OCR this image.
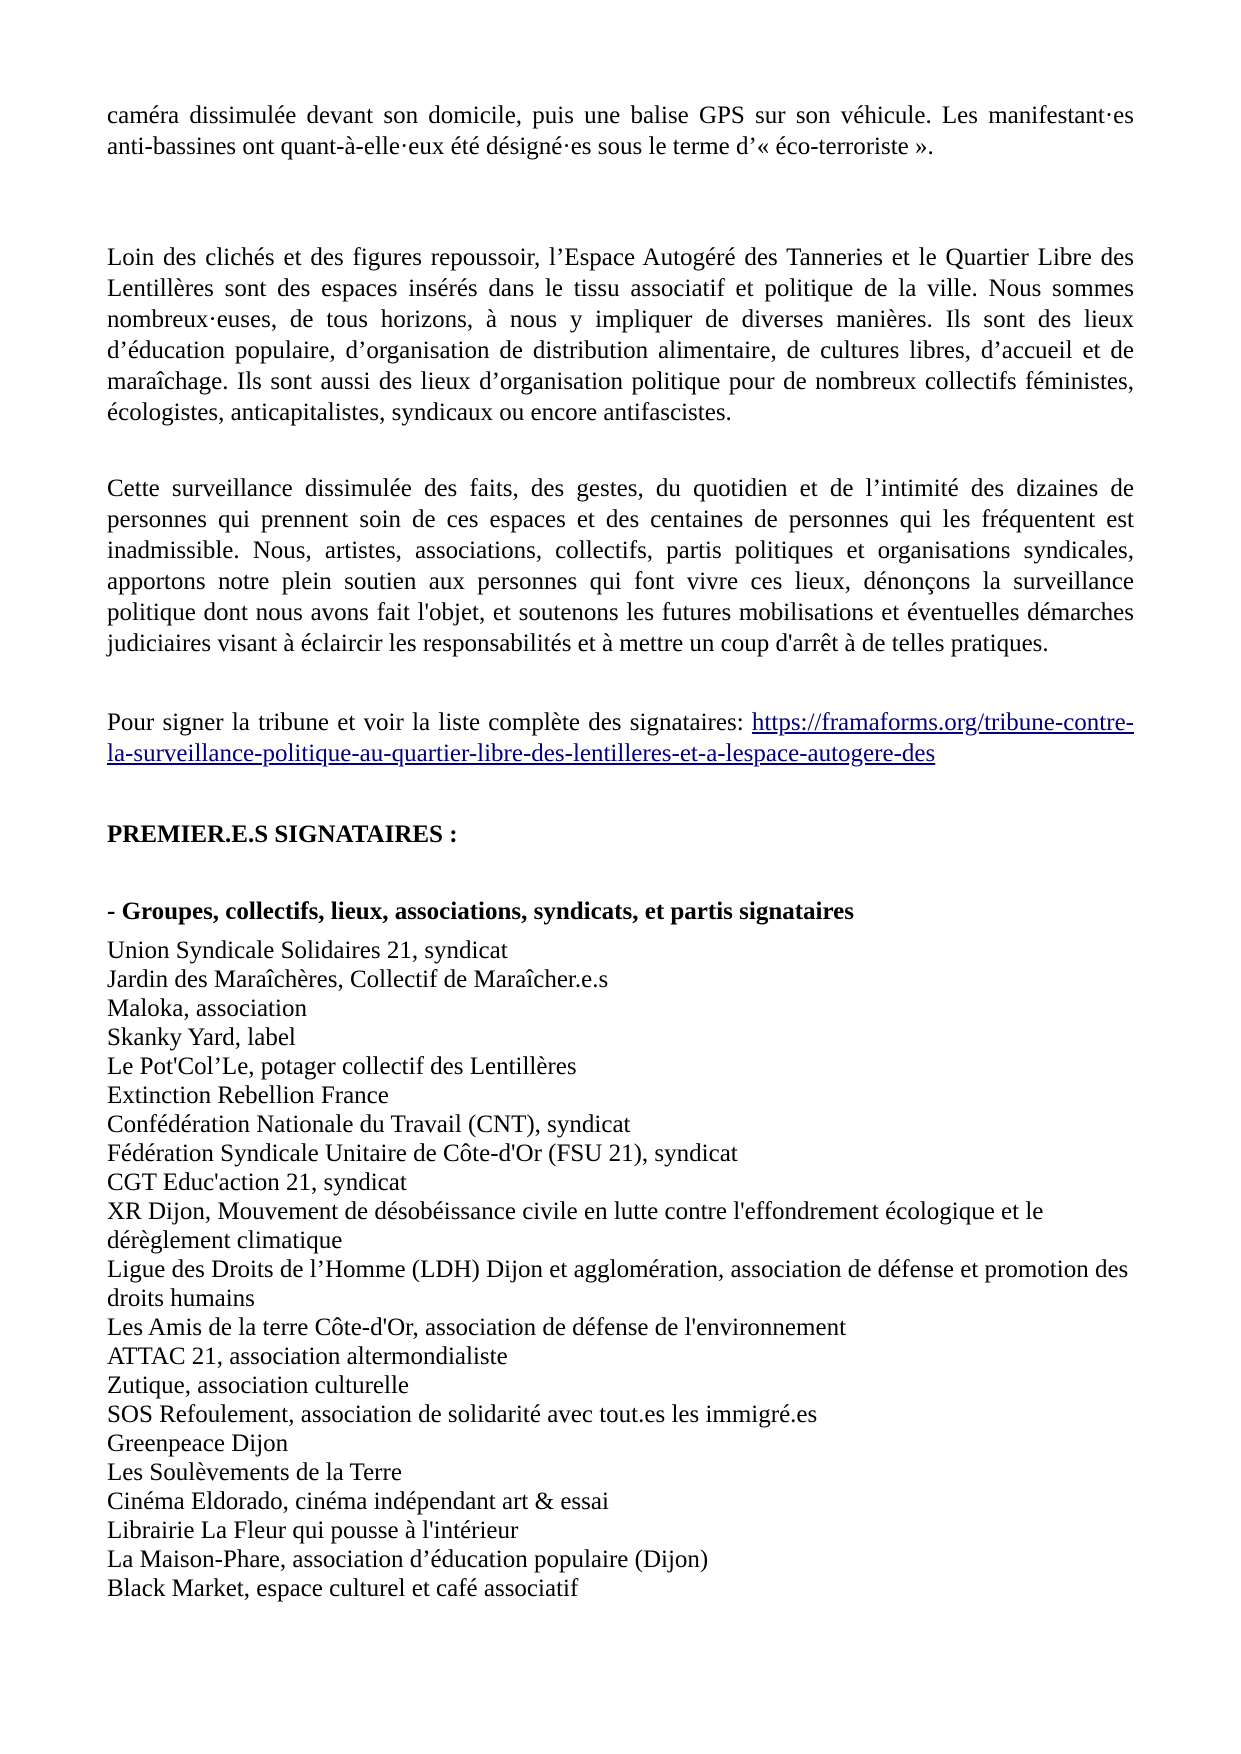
caméra dissimulée devant son domicile, puis une balise GPS sur son véhicule. Les manifestant·es anti-bassines ont quant-à-elle·eux été désigné·es sous le terme d’« éco-terroriste ».

Loin des clichés et des figures repoussoir, l’Espace Autogéré des Tanneries et le Quartier Libre des Lentillères sont des espaces insérés dans le tissu associatif et politique de la ville. Nous sommes nombreux·euses, de tous horizons, à nous y impliquer de diverses manières. Ils sont des lieux d’éducation populaire, d’organisation de distribution alimentaire, de cultures libres, d’accueil et de maraîchage. Ils sont aussi des lieux d’organisation politique pour de nombreux collectifs féministes, écologistes, anticapitalistes, syndicaux ou encore antifascistes.

Cette surveillance dissimulée des faits, des gestes, du quotidien et de l’intimité des dizaines de personnes qui prennent soin de ces espaces et des centaines de personnes qui les fréquentent est inadmissible. Nous, artistes, associations, collectifs, partis politiques et organisations syndicales, apportons notre plein soutien aux personnes qui font vivre ces lieux, dénonçons la surveillance politique dont nous avons fait l'objet, et soutenons les futures mobilisations et éventuelles démarches judiciaires visant à éclaircir les responsabilités et à mettre un coup d'arrêt à de telles pratiques.

Pour signer la tribune et voir la liste complète des signataires: https://framaforms.org/tribune-contre-la-surveillance-politique-au-quartier-libre-des-lentilleres-et-a-lespace-autogere-des

PREMIER.E.S SIGNATAIRES :

- Groupes, collectifs, lieux, associations, syndicats, et partis signataires

Union Syndicale Solidaires 21, syndicat
Jardin des Maraîchères, Collectif de Maraîcher.e.s
Maloka, association
Skanky Yard, label
Le Pot'Col’Le, potager collectif des Lentillères
Extinction Rebellion France
Confédération Nationale du Travail (CNT), syndicat
Fédération Syndicale Unitaire de Côte-d'Or (FSU 21), syndicat
CGT Educ'action 21, syndicat
XR Dijon, Mouvement de désobéissance civile en lutte contre l'effondrement écologique et le dérèglement climatique
Ligue des Droits de l’Homme (LDH) Dijon et agglomération, association de défense et promotion des droits humains
Les Amis de la terre Côte-d'Or, association de défense de l'environnement
ATTAC 21, association altermondialiste
Zutique, association culturelle
SOS Refoulement, association de solidarité avec tout.es les immigré.es
Greenpeace Dijon
Les Soulèvements de la Terre
Cinéma Eldorado, cinéma indépendant art & essai
Librairie La Fleur qui pousse à l'intérieur
La Maison-Phare, association d’éducation populaire (Dijon)
Black Market, espace culturel et café associatif
